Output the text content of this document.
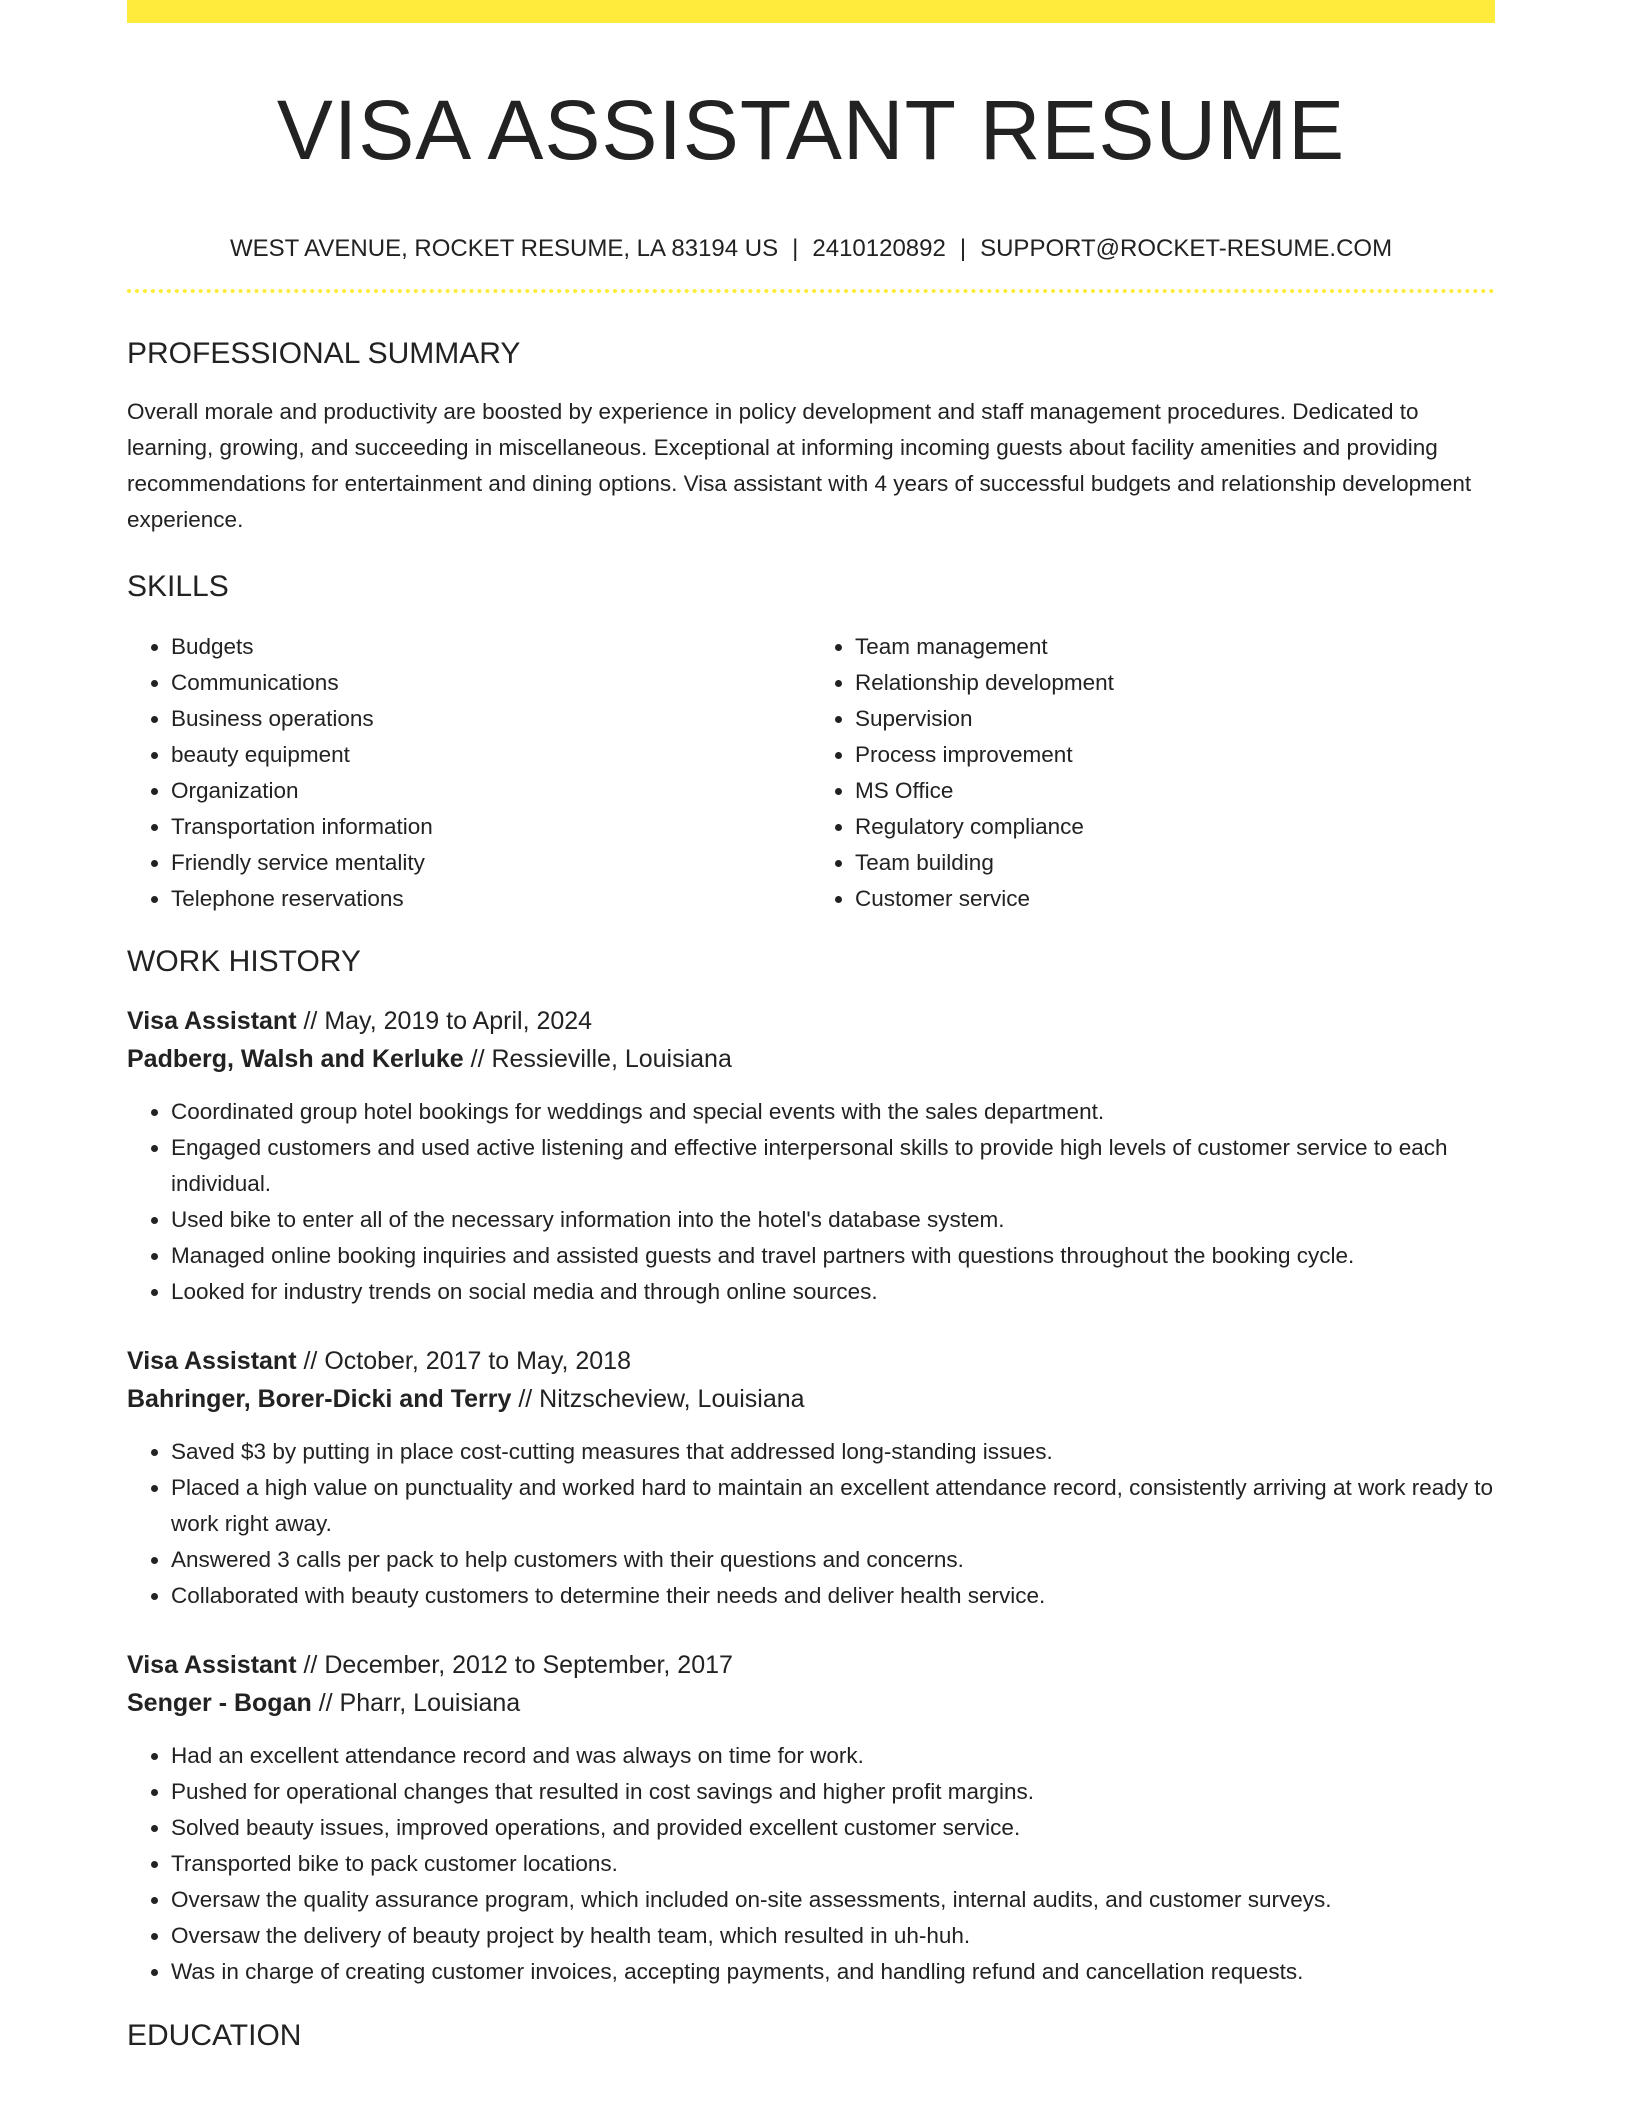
VISA ASSISTANT RESUME
WEST AVENUE, ROCKET RESUME, LA 83194 US | 2410120892 | SUPPORT@ROCKET-RESUME.COM
PROFESSIONAL SUMMARY
Overall morale and productivity are boosted by experience in policy development and staff management procedures. Dedicated to learning, growing, and succeeding in miscellaneous. Exceptional at informing incoming guests about facility amenities and providing recommendations for entertainment and dining options. Visa assistant with 4 years of successful budgets and relationship development experience.
SKILLS
• Budgets
• Communications
• Business operations
• beauty equipment
• Organization
• Transportation information
• Friendly service mentality
• Telephone reservations
• Team management
• Relationship development
• Supervision
• Process improvement
• MS Office
• Regulatory compliance
• Team building
• Customer service
WORK HISTORY
Visa Assistant // May, 2019 to April, 2024
Padberg, Walsh and Kerluke // Ressieville, Louisiana
• Coordinated group hotel bookings for weddings and special events with the sales department.
• Engaged customers and used active listening and effective interpersonal skills to provide high levels of customer service to each individual.
• Used bike to enter all of the necessary information into the hotel's database system.
• Managed online booking inquiries and assisted guests and travel partners with questions throughout the booking cycle.
• Looked for industry trends on social media and through online sources.
Visa Assistant // October, 2017 to May, 2018
Bahringer, Borer-Dicki and Terry // Nitzscheview, Louisiana
• Saved $3 by putting in place cost-cutting measures that addressed long-standing issues.
• Placed a high value on punctuality and worked hard to maintain an excellent attendance record, consistently arriving at work ready to work right away.
• Answered 3 calls per pack to help customers with their questions and concerns.
• Collaborated with beauty customers to determine their needs and deliver health service.
Visa Assistant // December, 2012 to September, 2017
Senger - Bogan // Pharr, Louisiana
• Had an excellent attendance record and was always on time for work.
• Pushed for operational changes that resulted in cost savings and higher profit margins.
• Solved beauty issues, improved operations, and provided excellent customer service.
• Transported bike to pack customer locations.
• Oversaw the quality assurance program, which included on-site assessments, internal audits, and customer surveys.
• Oversaw the delivery of beauty project by health team, which resulted in uh-huh.
• Was in charge of creating customer invoices, accepting payments, and handling refund and cancellation requests.
EDUCATION
